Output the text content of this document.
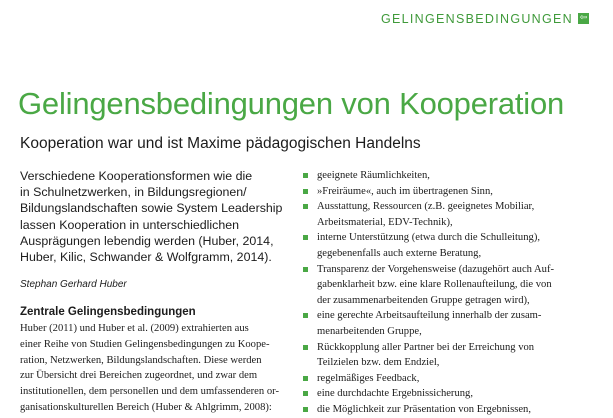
GELINGENSBEDINGUNGEN ⇦
Gelingensbedingungen von Kooperation
Kooperation war und ist Maxime pädagogischen Handelns
Verschiedene Kooperationsformen wie die
in Schulnetzwerken, in Bildungsregionen/
Bildungslandschaften sowie System Leadership
lassen Kooperation in unterschiedlichen
Ausprägungen lebendig werden (Huber, 2014,
Huber, Kilic, Schwander & Wolfgramm, 2014).
Stephan Gerhard Huber
Zentrale Gelingensbedingungen
Huber (2011) und Huber et al. (2009) extrahierten aus
einer Reihe von Studien Gelingensbedingungen zu Koope-
ration, Netzwerken, Bildungslandschaften. Diese werden
zur Übersicht drei Bereichen zugeordnet, und zwar dem
institutionellen, dem personellen und dem umfassenderen or-
ganisationskulturellen Bereich (Huber & Ahlgrimm, 2008):
geeignete Räumlichkeiten,
»Freiräume«, auch im übertragenen Sinn,
Ausstattung, Ressourcen (z.B. geeignetes Mobiliar,
Arbeitsmaterial, EDV-Technik),
interne Unterstützung (etwa durch die Schulleitung),
gegebenenfalls auch externe Beratung,
Transparenz der Vorgehensweise (dazugehört auch Auf-
gabenklarheit bzw. eine klare Rollenaufteilung, die von
der zusammenarbeitenden Gruppe getragen wird),
eine gerechte Arbeitsaufteilung innerhalb der zusam-
menarbeitenden Gruppe,
Rückkopplung aller Partner bei der Erreichung von
Teilzielen bzw. dem Endziel,
regelmäßiges Feedback,
eine durchdachte Ergebnissicherung,
die Möglichkeit zur Präsentation von Ergebnissen,
